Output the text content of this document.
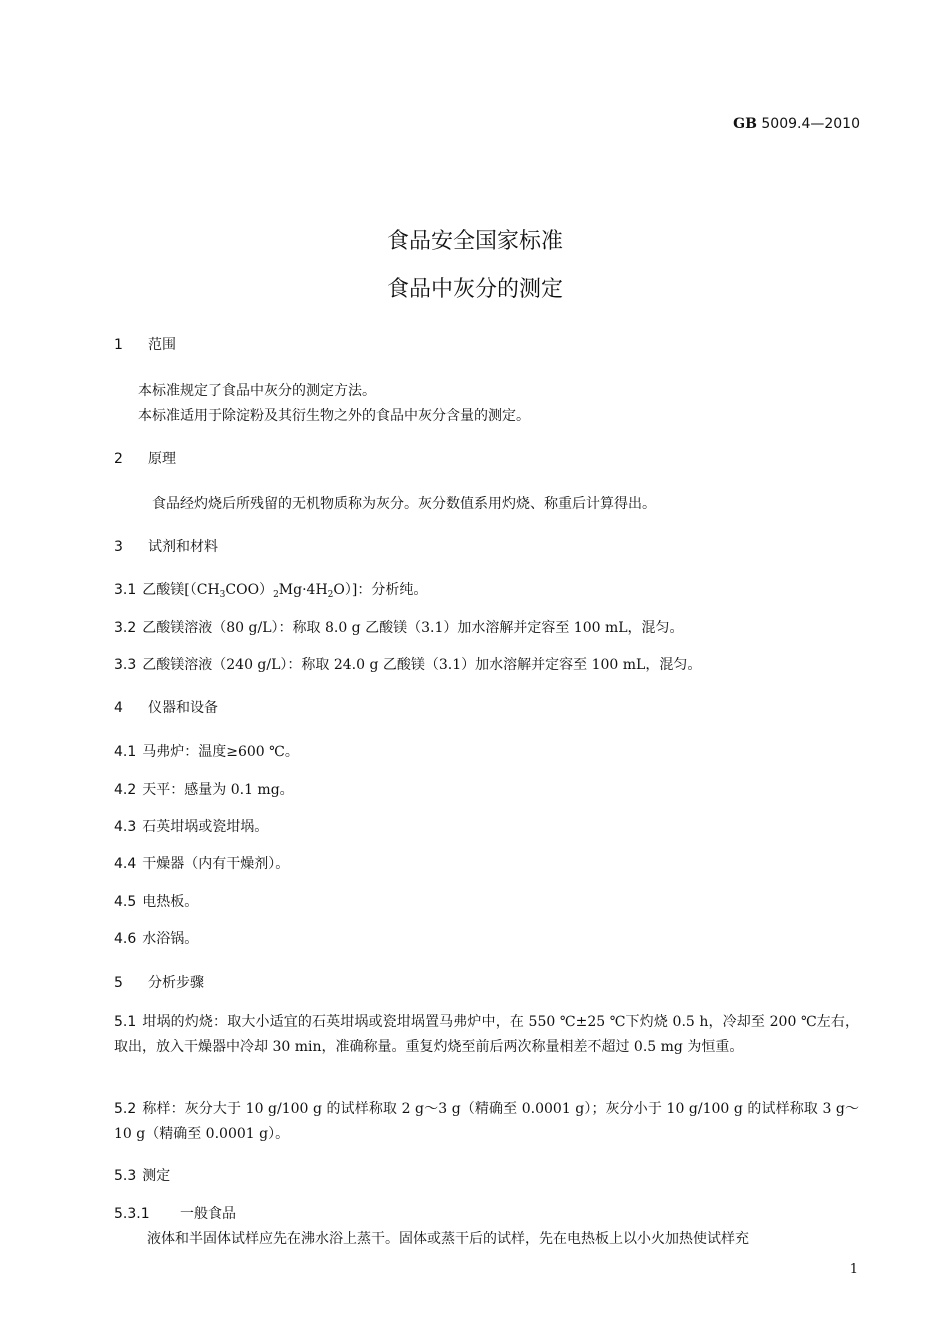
GB 5009.4—2010
食品安全国家标准
食品中灰分的测定
1 范围
本标准规定了食品中灰分的测定方法。
本标准适用于除淀粉及其衍生物之外的食品中灰分含量的测定。
2 原理
食品经灼烧后所残留的无机物质称为灰分。灰分数值系用灼烧、称重后计算得出。
3 试剂和材料
3.1 乙酸镁$[(CH_3COO)_2Mg\cdot 4H_2O)$]：分析纯。
3.2 乙酸镁溶液（80 g/L）：称取 8.0 g 乙酸镁（3.1）加水溶解并定容至 100 mL，混匀。
3.3 乙酸镁溶液（240 g/L）：称取 24.0 g 乙酸镁（3.1）加水溶解并定容至 100 mL，混匀。
4 仪器和设备
4.1 马弗炉：温度≥600 ℃。
4.2 天平：感量为 0.1 mg。
4.3 石英坩埚或瓷坩埚。
4.4 干燥器（内有干燥剂）。
4.5 电热板。
4.6 水浴锅。
5 分析步骤
5.1 坩埚的灼烧：取大小适宜的石英坩埚或瓷坩埚置马弗炉中，在 550 ℃±25 ℃下灼烧 0.5 h，冷却至 200 ℃左右，取出，放入干燥器中冷却 30 min，准确称量。重复灼烧至前后两次称量相差不超过 0.5 mg 为恒重。
5.2 称样：灰分大于 10 g/100 g 的试样称取 2 g～3 g（精确至 0.0001 g）；灰分小于 10 g/100 g 的试样称取 3 g～10 g（精确至 0.0001 g）。
5.3 测定
5.3.1 一般食品
液体和半固体试样应先在沸水浴上蒸干。固体或蒸干后的试样，先在电热板上以小火加热使试样充
1
